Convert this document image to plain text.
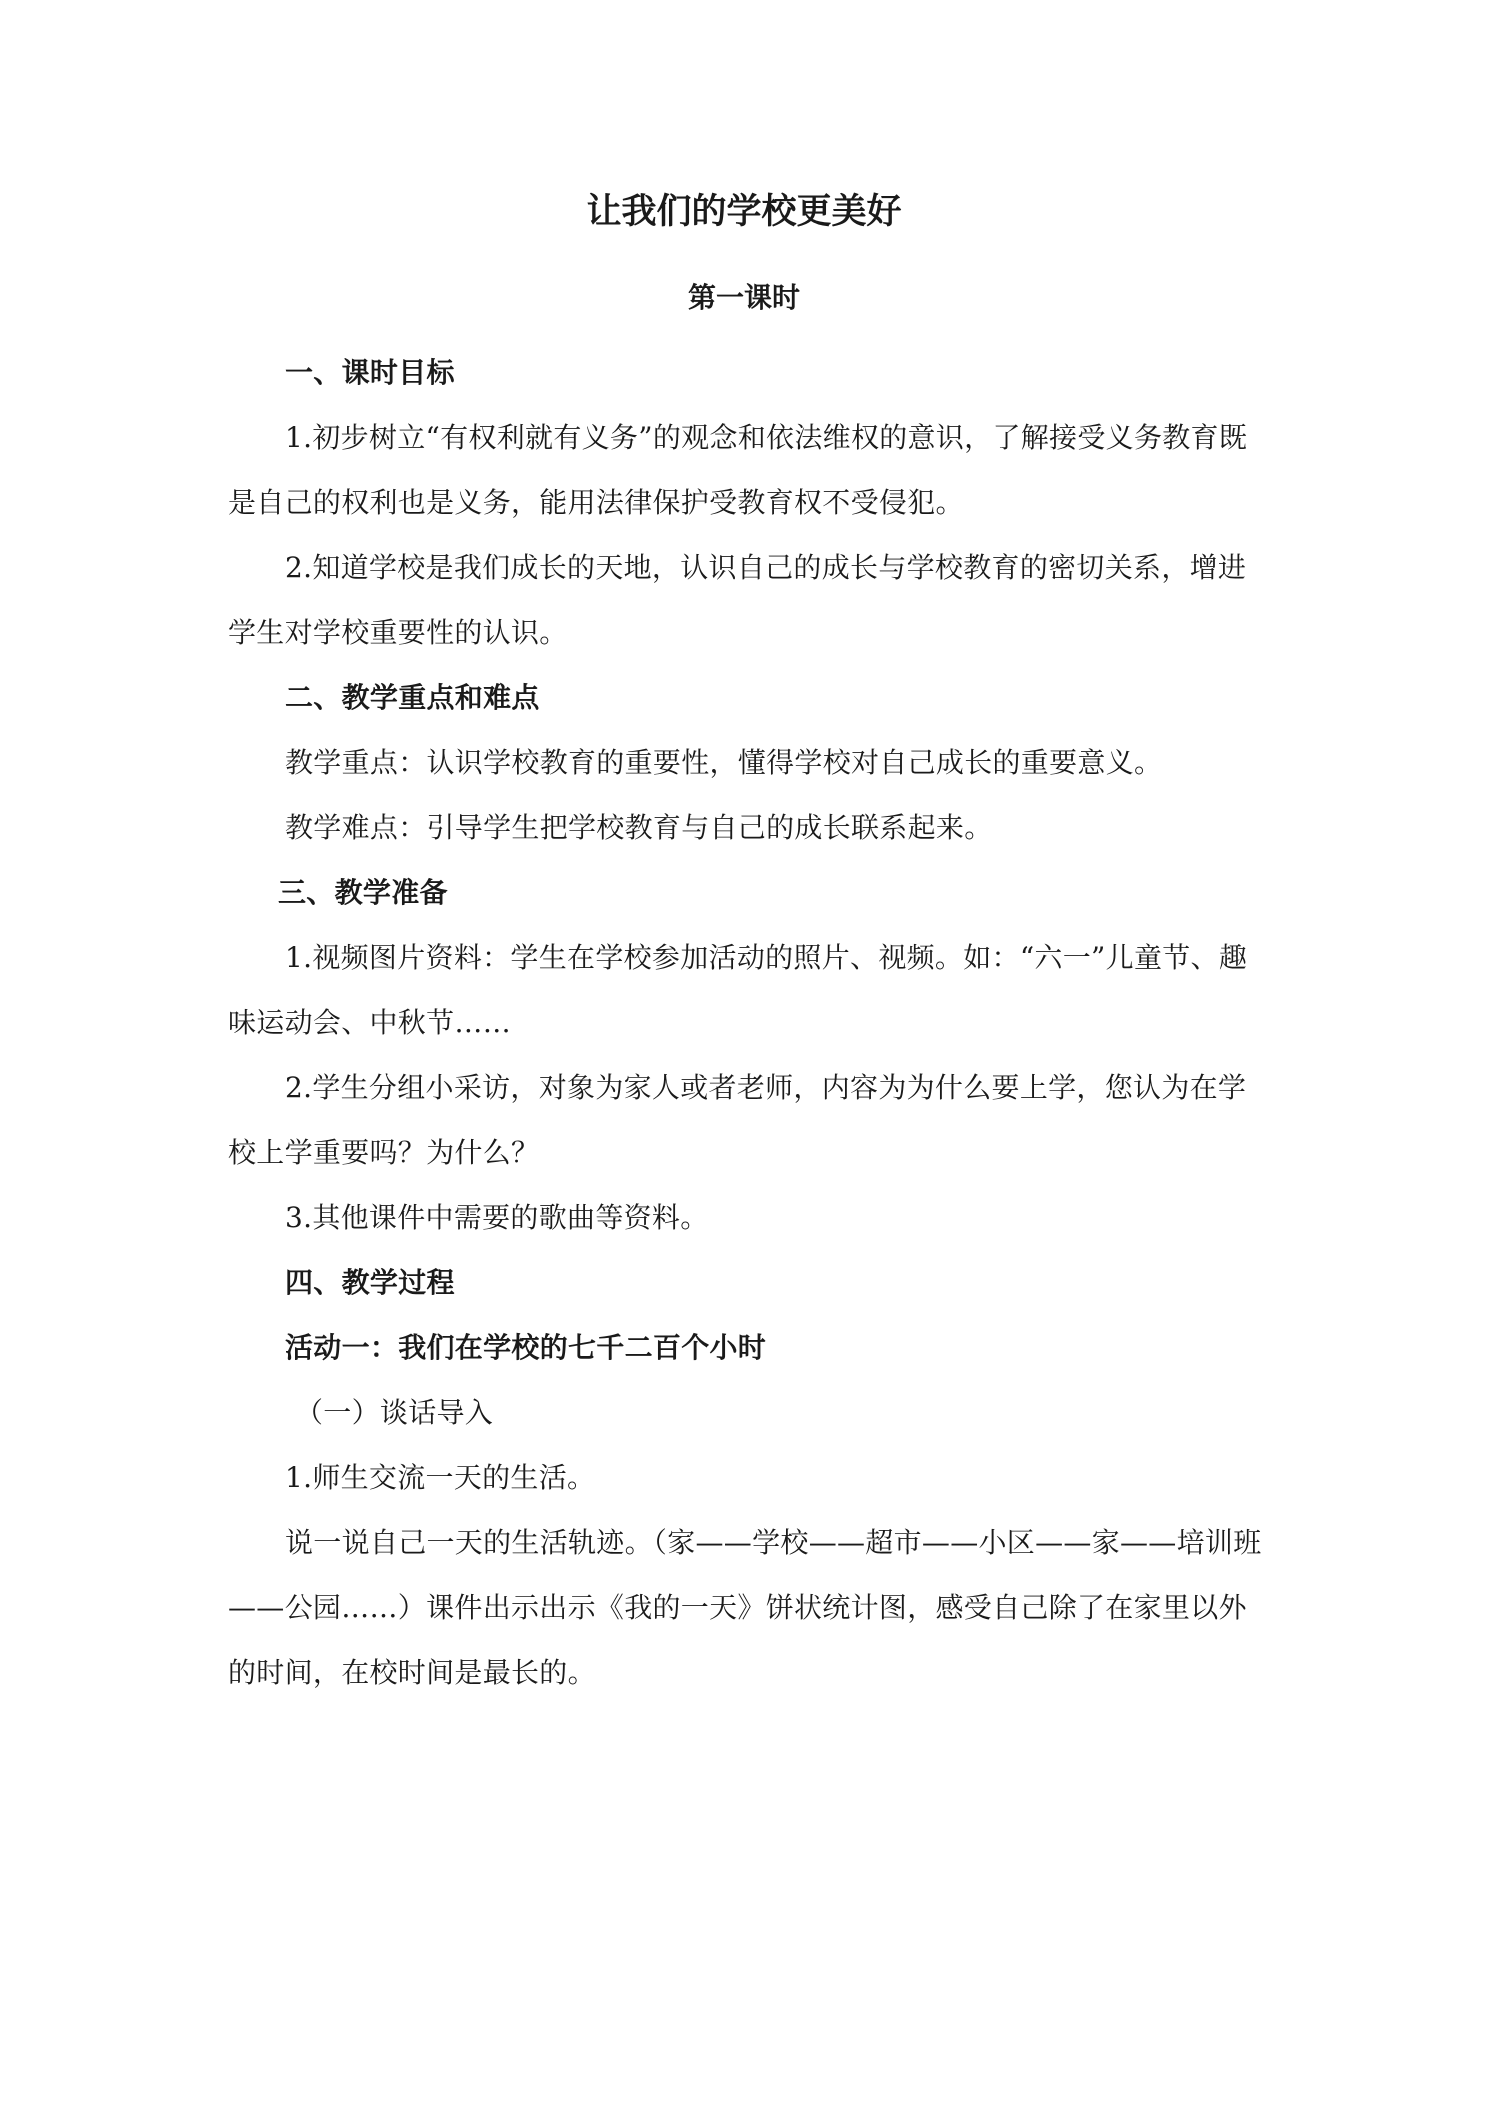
让我们的学校更美好
第一课时

一、课时目标

1.初步树立“有权利就有义务”的观念和依法维权的意识，了解接受义务教育既是自己的权利也是义务，能用法律保护受教育权不受侵犯。

2.知道学校是我们成长的天地，认识自己的成长与学校教育的密切关系，增进学生对学校重要性的认识。

二、教学重点和难点

教学重点：认识学校教育的重要性，懂得学校对自己成长的重要意义。

教学难点：引导学生把学校教育与自己的成长联系起来。

三、教学准备

1.视频图片资料：学生在学校参加活动的照片、视频。如：“六一”儿童节、趣味运动会、中秋节……

2.学生分组小采访，对象为家人或者老师，内容为为什么要上学，您认为在学校上学重要吗？为什么？

3.其他课件中需要的歌曲等资料。

四、教学过程

活动一：我们在学校的七千二百个小时

（一）谈话导入

1.师生交流一天的生活。

说一说自己一天的生活轨迹。（家——学校——超市——小区——家——培训班——公园……）课件出示出示《我的一天》饼状统计图，感受自己除了在家里以外的时间，在校时间是最长的。
